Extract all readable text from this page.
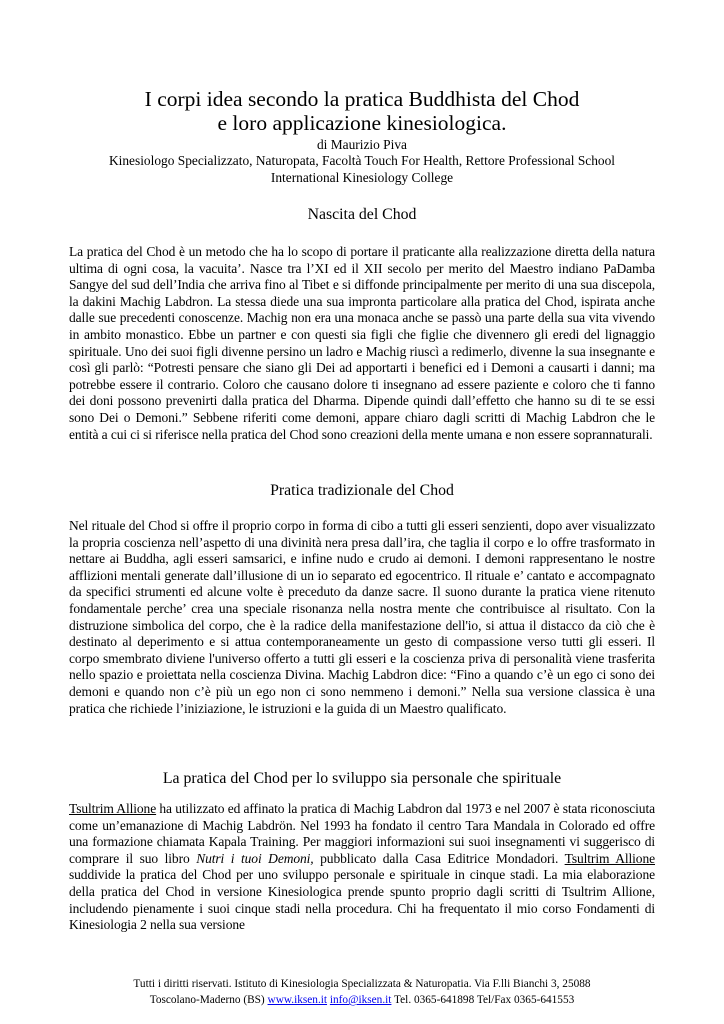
I corpi idea secondo la pratica Buddhista del Chod
e loro applicazione kinesiologica.
di Maurizio Piva
Kinesiologo Specializzato, Naturopata, Facoltà Touch For Health, Rettore Professional School
International Kinesiology College
Nascita del Chod

La pratica del Chod è un metodo che ha lo scopo di portare il praticante alla realizzazione diretta della natura ultima di ogni cosa, la vacuita’. Nasce tra l’XI ed il XII secolo per merito del Maestro indiano PaDamba Sangye del sud dell’India che arriva fino al Tibet e si diffonde principalmente per merito di una sua discepola, la dakini Machig Labdron. La stessa diede una sua impronta particolare alla pratica del Chod, ispirata anche dalle sue precedenti conoscenze. Machig non era una monaca anche se passò una parte della sua vita vivendo in ambito monastico. Ebbe un partner e con questi sia figli che figlie che divennero gli eredi del lignaggio spirituale. Uno dei suoi figli divenne persino un ladro e Machig riuscì a redimerlo, divenne la sua insegnante e così gli parlò: “Potresti pensare che siano gli Dei ad apportarti i benefici ed i Demoni a causarti i danni; ma potrebbe essere il contrario. Coloro che causano dolore ti insegnano ad essere paziente e coloro che ti fanno dei doni possono prevenirti dalla pratica del Dharma. Dipende quindi dall’effetto che hanno su di te se essi sono Dei o Demoni.” Sebbene riferiti come demoni, appare chiaro dagli scritti di Machig Labdron che le entità a cui ci si riferisce nella pratica del Chod sono creazioni della mente umana e non essere soprannaturali.

Pratica tradizionale del Chod

Nel rituale del Chod si offre il proprio corpo in forma di cibo a tutti gli esseri senzienti, dopo aver visualizzato la propria coscienza nell’aspetto di una divinità nera presa dall’ira, che taglia il corpo e lo offre trasformato in nettare ai Buddha, agli esseri samsarici, e infine nudo e crudo ai demoni. I demoni rappresentano le nostre afflizioni mentali generate dall’illusione di un io separato ed egocentrico. Il rituale e’ cantato e accompagnato da specifici strumenti ed alcune volte è preceduto da danze sacre. Il suono durante la pratica viene ritenuto fondamentale perche’ crea una speciale risonanza nella nostra mente che contribuisce al risultato. Con la distruzione simbolica del corpo, che è la radice della manifestazione dell'io, si attua il distacco da ciò che è destinato al deperimento e si attua contemporaneamente un gesto di compassione verso tutti gli esseri. Il corpo smembrato diviene l'universo offerto a tutti gli esseri e la coscienza priva di personalità viene trasferita nello spazio e proiettata nella coscienza Divina. Machig Labdron dice: “Fino a quando c’è un ego ci sono dei demoni e quando non c’è più un ego non ci sono nemmeno i demoni.” Nella sua versione classica è una pratica che richiede l’iniziazione, le istruzioni e la guida di un Maestro qualificato.

La pratica del Chod per lo sviluppo sia personale che spirituale

Tsultrim Allione ha utilizzato ed affinato la pratica di Machig Labdron dal 1973 e nel 2007 è stata riconosciuta come un’emanazione di Machig Labdrön. Nel 1993 ha fondato il centro Tara Mandala in Colorado ed offre una formazione chiamata Kapala Training. Per maggiori informazioni sui suoi insegnamenti vi suggerisco di comprare il suo libro Nutri i tuoi Demoni, pubblicato dalla Casa Editrice Mondadori. Tsultrim Allione suddivide la pratica del Chod per uno sviluppo personale e spirituale in cinque stadi. La mia elaborazione della pratica del Chod in versione Kinesiologica prende spunto proprio dagli scritti di Tsultrim Allione, includendo pienamente i suoi cinque stadi nella procedura. Chi ha frequentato il mio corso Fondamenti di Kinesiologia 2 nella sua versione

Tutti i diritti riservati. Istituto di Kinesiologia Specializzata & Naturopatia. Via F.lli Bianchi 3, 25088
Toscolano-Maderno (BS) www.iksen.it info@iksen.it Tel. 0365-641898 Tel/Fax 0365-641553
